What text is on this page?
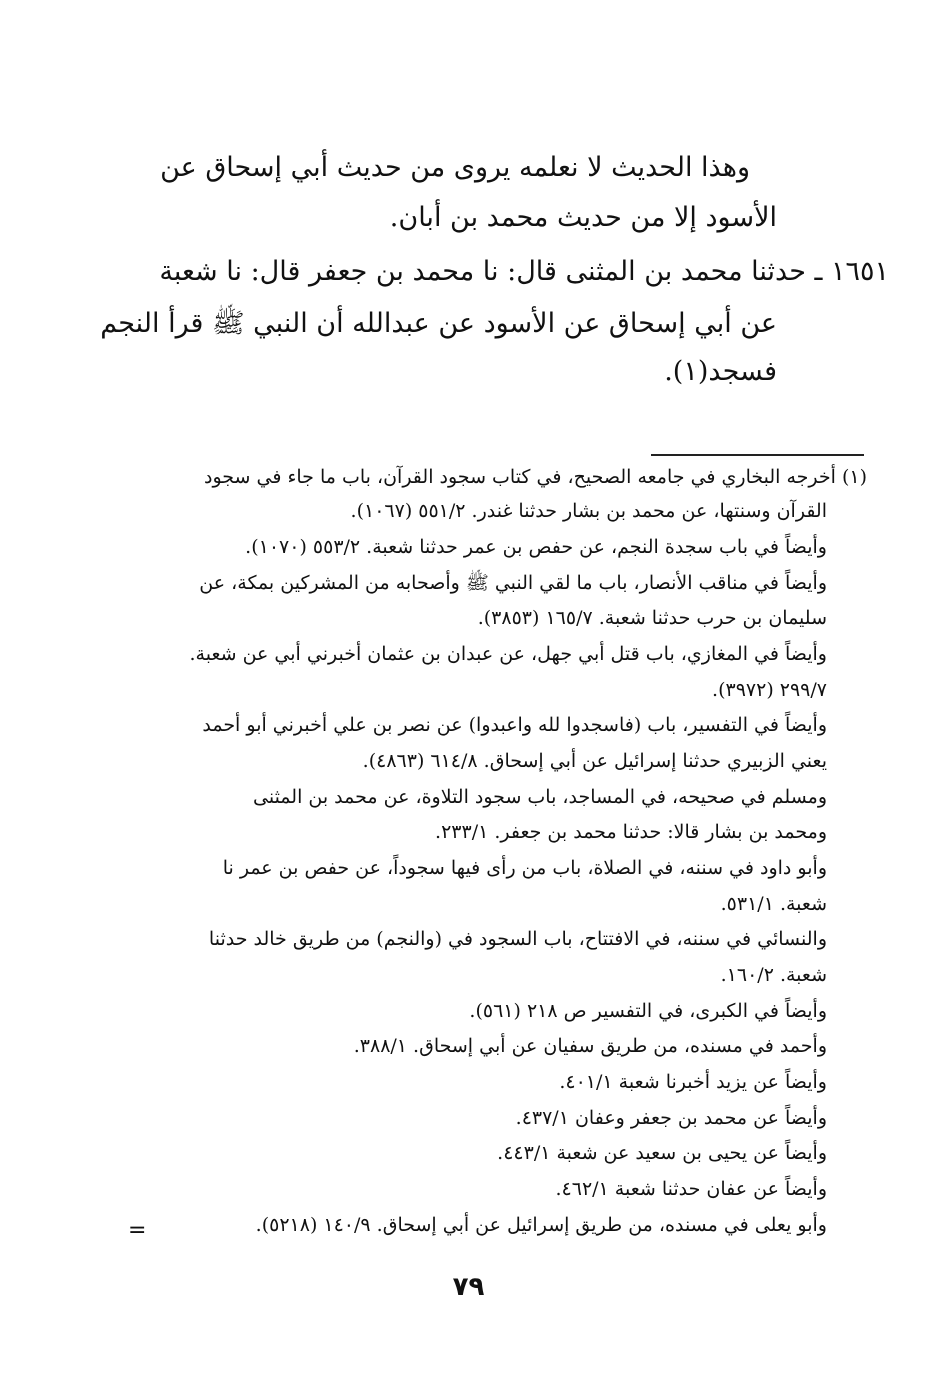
وهذا الحديث لا نعلمه يروى من حديث أبي إسحاق عن
الأسود إلا من حديث محمد بن أبان.
١٦٥١ ـ حدثنا محمد بن المثنى قال: نا محمد بن جعفر قال: نا شعبة
عن أبي إسحاق عن الأسود عن عبدالله أن النبي ﷺ قرأ النجم
فسجد(١).
(١) أخرجه البخاري في جامعه الصحيح، في كتاب سجود القرآن، باب ما جاء في سجود
القرآن وسنتها، عن محمد بن بشار حدثنا غندر. ٥٥١/٢ (١٠٦٧).
وأيضاً في باب سجدة النجم، عن حفص بن عمر حدثنا شعبة. ٥٥٣/٢ (١٠٧٠).
وأيضاً في مناقب الأنصار، باب ما لقي النبي ﷺ وأصحابه من المشركين بمكة، عن
سليمان بن حرب حدثنا شعبة. ١٦٥/٧ (٣٨٥٣).
وأيضاً في المغازي، باب قتل أبي جهل، عن عبدان بن عثمان أخبرني أبي عن شعبة.
٢٩٩/٧ (٣٩٧٢).
وأيضاً في التفسير، باب (فاسجدوا لله واعبدوا) عن نصر بن علي أخبرني أبو أحمد
يعني الزبيري حدثنا إسرائيل عن أبي إسحاق. ٦١٤/٨ (٤٨٦٣).
ومسلم في صحيحه، في المساجد، باب سجود التلاوة، عن محمد بن المثنى
ومحمد بن بشار قالا: حدثنا محمد بن جعفر. ٢٣٣/١.
وأبو داود في سننه، في الصلاة، باب من رأى فيها سجوداً، عن حفص بن عمر نا
شعبة. ٥٣١/١.
والنسائي في سننه، في الافتتاح، باب السجود في (والنجم) من طريق خالد حدثنا
شعبة. ١٦٠/٢.
وأيضاً في الكبرى، في التفسير ص ٢١٨ (٥٦١).
وأحمد في مسنده، من طريق سفيان عن أبي إسحاق. ٣٨٨/١.
وأيضاً عن يزيد أخبرنا شعبة ٤٠١/١.
وأيضاً عن محمد بن جعفر وعفان ٤٣٧/١.
وأيضاً عن يحيى بن سعيد عن شعبة ٤٤٣/١.
وأيضاً عن عفان حدثنا شعبة ٤٦٢/١.
وأبو يعلى في مسنده، من طريق إسرائيل عن أبي إسحاق. ١٤٠/٩ (٥٢١٨).
=
٧٩
